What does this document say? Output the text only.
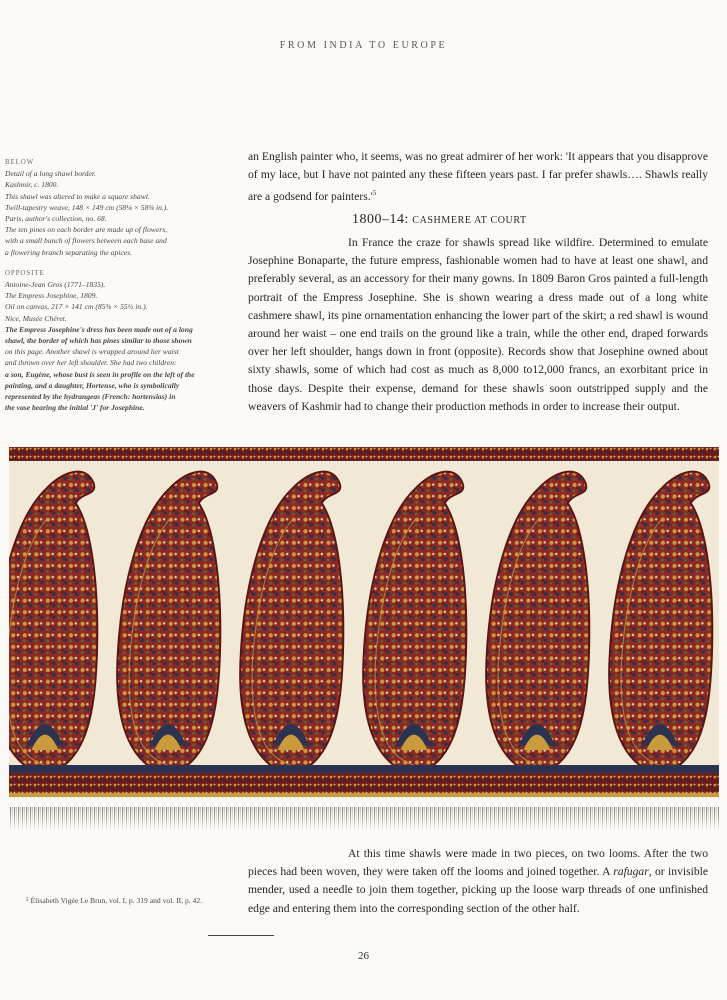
FROM INDIA TO EUROPE
BELOW
Detail of a long shawl border.
Kashmir, c. 1800.
This shawl was altered to make a square shawl.
Twill-tapestry weave, 148 × 149 cm (58⅛ × 58⅝ in.).
Paris, author's collection, no. 68.
The ten pines on each border are made up of flowers,
with a small bunch of flowers between each base and
a flowering branch separating the apices.
OPPOSITE
Antoine-Jean Gros (1771–1835).
The Empress Josephine, 1809.
Oil on canvas, 217 × 141 cm (85⅜ × 55½ in.).
Nice, Musée Chéret.
The Empress Josephine's dress has been made out of a long
shawl, the border of which has pines similar to those shown
on this page. Another shawl is wrapped around her waist
and thrown over her left shoulder. She had two children:
a son, Eugène, whose bust is seen in profile on the left of the
painting, and a daughter, Hortense, who is symbolically
represented by the hydrangeas (French: hortensias) in
the vase bearing the initial 'J' for Josephine.

an English painter who, it seems, was no great admirer of her work: 'It appears that you disapprove of my lace, but I have not painted any these fifteen years past. I far prefer shawls…. Shawls really are a godsend for $painters.'^5$

1800–14: CASHMERE AT COURT

In France the craze for shawls spread like wildfire. Determined to emulate Josephine Bonaparte, the future empress, fashionable women had to have at least one shawl, and preferably several, as an accessory for their many gowns. In 1809 Baron Gros painted a full-length portrait of the Empress Josephine. She is shown wearing a dress made out of a long white cashmere shawl, its pine ornamentation enhancing the lower part of the skirt; a red shawl is wound around her waist – one end trails on the ground like a train, while the other end, draped forwards over her left shoulder, hangs down in front (opposite). Records show that Josephine owned about sixty shawls, some of which had cost as much as 8,000 to12,000 francs, an exorbitant price in those days. Despite their expense, demand for these shawls soon outstripped supply and the weavers of Kashmir had to change their production methods in order to increase their output.

At this time shawls were made in two pieces, on two looms. After the two pieces had been woven, they were taken off the looms and joined together. A rafugar, or invisible mender, used a needle to join them together, picking up the loose warp threads of one unfinished edge and entering them into the corresponding section of the other half.

⁵ Élisabeth Vigée Le Brun, vol. I, p. 319 and vol. II, p. 42.
26
